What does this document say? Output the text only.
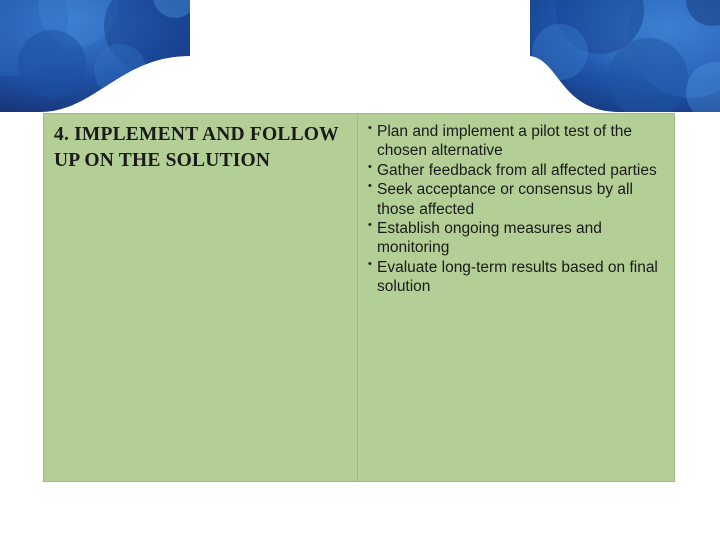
4. IMPLEMENT AND FOLLOW UP ON THE SOLUTION

• Plan and implement a pilot test of the chosen alternative
• Gather feedback from all affected parties
• Seek acceptance or consensus by all those affected
• Establish ongoing measures and monitoring
• Evaluate long-term results based on final solution
